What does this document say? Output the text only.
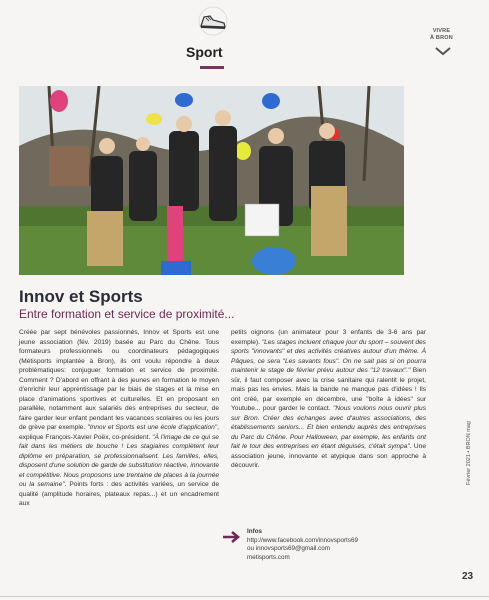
Sport
VIVRE
À BRON
Innov et Sports
Entre formation et service de proximité...
Créée par sept bénévoles passionnés, Innov et Sports est une jeune association (fév. 2019) basée au Parc du Chêne. Tous formateurs professionnels ou coordinateurs pédagogiques (Métisports implantée à Bron), ils ont voulu répondre à deux problématiques: conjuguer formation et service de proximité. Comment ? D'abord en offrant à des jeunes en formation le moyen d'enrichir leur apprentissage par le biais de stages et la mise en place d'animations sportives et culturelles. Et en proposant en parallèle, notamment aux salariés des entreprises du secteur, de faire garder leur enfant pendant les vacances scolaires ou les jours de grève par exemple. "Innov et Sports est une école d'application", explique François-Xavier Poëx, co-président. "À l'image de ce qui se fait dans les métiers de bouche ! Les stagiaires complètent leur diplôme en préparation, se professionnalisent. Les familles, elles, disposent d'une solution de garde de substitution réactive, innovante et compétitive. Nous proposons une trentaine de places à la journée ou la semaine". Points forts : des activités variées, un service de qualité (amplitude horaires, plateaux repas...) et un encadrement aux
petits oignons (un animateur pour 3 enfants de 3-6 ans par exemple). "Les stages incluent chaque jour du sport – souvent des sports "innovants" et des activités créatives autour d'un thème. À Pâques, ce sera "Les savants fous". On ne sait pas si on pourra maintenir le stage de février prévu autour des "12 travaux"." Bien sûr, il faut composer avec la crise sanitaire qui ralentit le projet, mais pas les envies. Mais la bande ne manque pas d'idées ! Ils ont créé, par exemple en décembre, une "boîte à idées" sur Youtube... pour garder le contact. "Nous voulons nous ouvrir plus sur Bron. Créer des échanges avec d'autres associations, des établissements seniors... Et bien entendu auprès des entreprises du Parc du Chêne. Pour Halloween, par exemple, les enfants ont fait le tour des entreprises en étant déguisés, c'était sympa". Une association jeune, innovante et atypique dans son approche à découvrir.
Infos
http://www.facebook.com/innovsports69
ou innovsports69@gmail.com
metisports.com
Février 2021 • BRON mag
23
